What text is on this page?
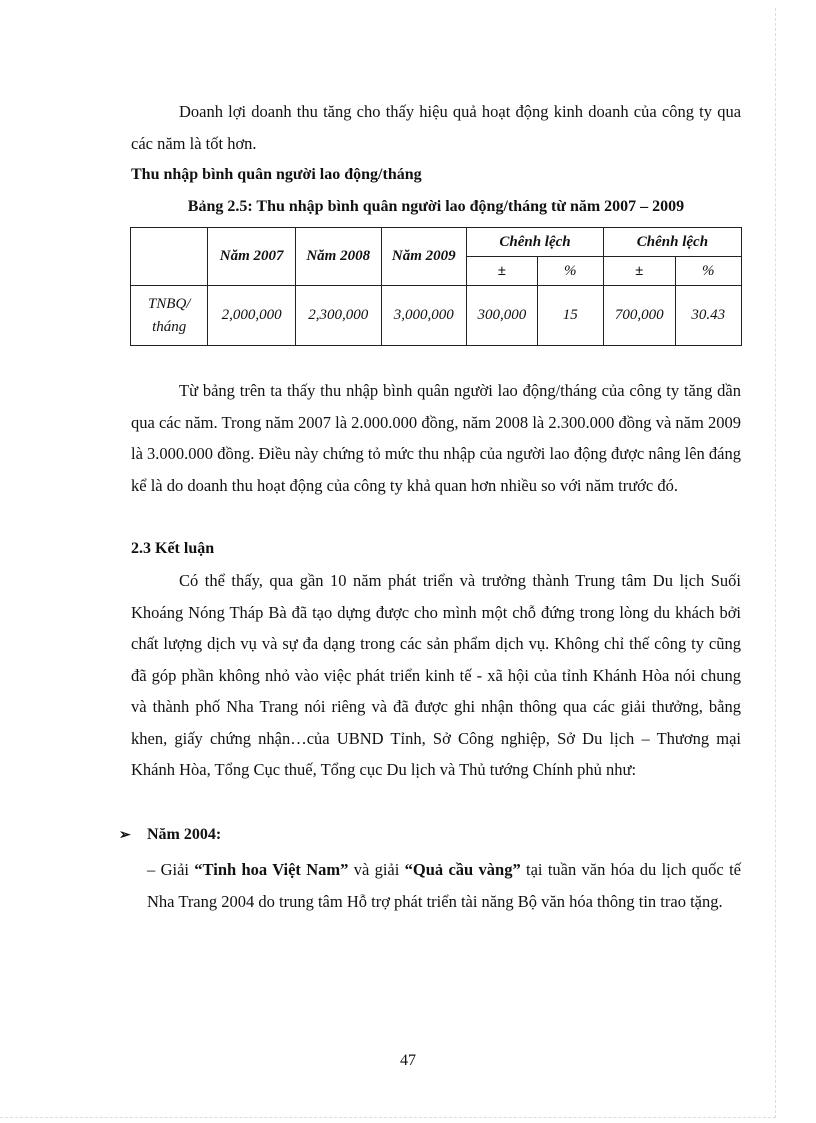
Doanh lợi doanh thu tăng cho thấy hiệu quả hoạt động kinh doanh của công ty qua các năm là tốt hơn.
Thu nhập bình quân người lao động/tháng
Bảng 2.5: Thu nhập bình quân người lao động/tháng từ năm 2007 – 2009
	Năm 2007	Năm 2008	Năm 2009	Chênh lệch		Chênh lệch	
				±	%	±	%

TNBQ/
tháng	2,000,000	2,300,000	3,000,000	300,000	15	700,000	30.43
Từ bảng trên ta thấy thu nhập bình quân người lao động/tháng của công ty tăng dần qua các năm. Trong năm 2007 là 2.000.000 đồng, năm 2008 là 2.300.000 đồng và năm 2009 là 3.000.000 đồng. Điều này chứng tỏ mức thu nhập của người lao động được nâng lên đáng kể là do doanh thu hoạt động của công ty khả quan hơn nhiều so với năm trước đó.
2.3 Kết luận
Có thể thấy, qua gần 10 năm phát triển và trưởng thành Trung tâm Du lịch Suối Khoáng Nóng Tháp Bà đã tạo dựng được cho mình một chỗ đứng trong lòng du khách bởi chất lượng dịch vụ và sự đa dạng trong các sản phẩm dịch vụ. Không chỉ thế công ty cũng đã góp phần không nhỏ vào việc phát triển kinh tế - xã hội của tỉnh Khánh Hòa nói chung và thành phố Nha Trang nói riêng và đã được ghi nhận thông qua các giải thưởng, bằng khen, giấy chứng nhận…của UBND Tỉnh, Sở Công nghiệp, Sở Du lịch – Thương mại Khánh Hòa, Tổng Cục thuế, Tổng cục Du lịch và Thủ tướng Chính phủ như:
➢ Năm 2004:
– Giải “Tinh hoa Việt Nam” và giải “Quả cầu vàng” tại tuần văn hóa du lịch quốc tế Nha Trang 2004 do trung tâm Hỗ trợ phát triển tài năng Bộ văn hóa thông tin trao tặng.
47
